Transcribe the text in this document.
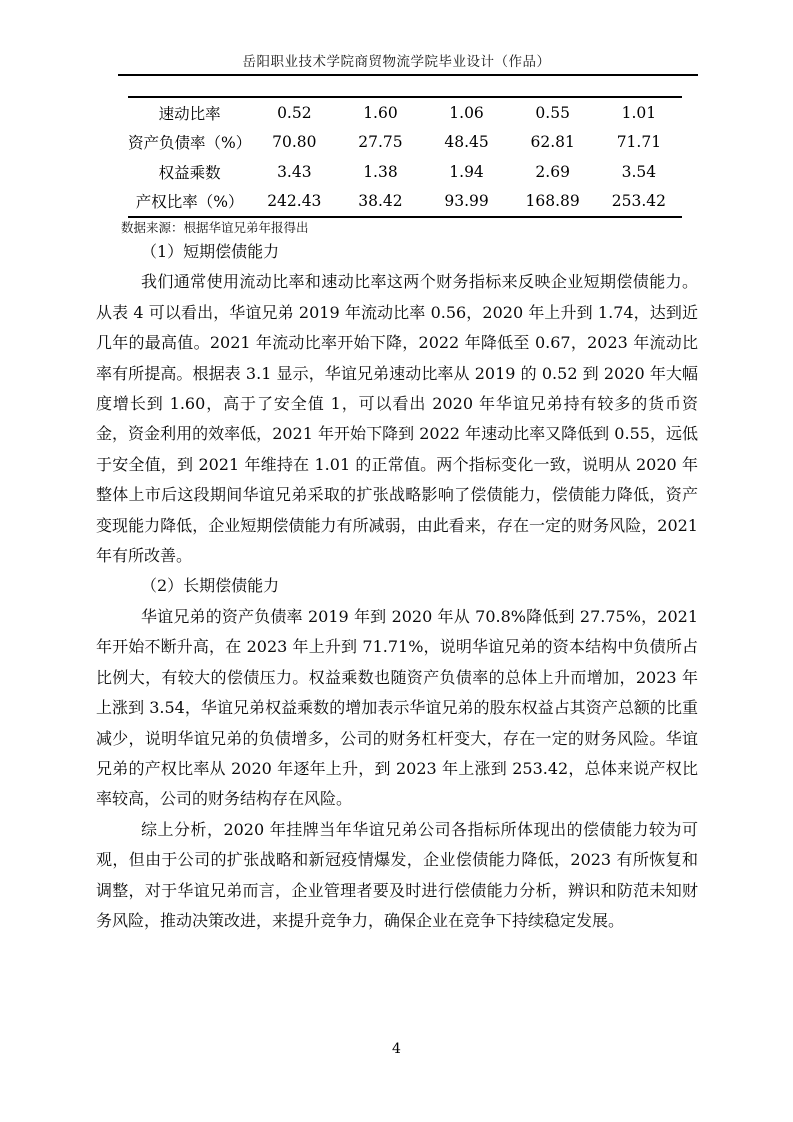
岳阳职业技术学院商贸物流学院毕业设计（作品）
速动比率	0.52	1.60	1.06	0.55	1.01
资产负债率（%）	70.80	27.75	48.45	62.81	71.71
权益乘数	3.43	1.38	1.94	2.69	3.54
产权比率（%）	242.43	38.42	93.99	168.89	253.42
数据来源：根据华谊兄弟年报得出

（1）短期偿债能力

我们通常使用流动比率和速动比率这两个财务指标来反映企业短期偿债能力。从表 4 可以看出，华谊兄弟 2019 年流动比率 0.56，2020 年上升到 1.74，达到近几年的最高值。2021 年流动比率开始下降，2022 年降低至 0.67，2023 年流动比率有所提高。根据表 3.1 显示，华谊兄弟速动比率从 2019 的 0.52 到 2020 年大幅度增长到 1.60，高于了安全值 1，可以看出 2020 年华谊兄弟持有较多的货币资金，资金利用的效率低，2021 年开始下降到 2022 年速动比率又降低到 0.55，远低于安全值，到 2021 年维持在 1.01 的正常值。两个指标变化一致，说明从 2020 年整体上市后这段期间华谊兄弟采取的扩张战略影响了偿债能力，偿债能力降低，资产变现能力降低，企业短期偿债能力有所减弱，由此看来，存在一定的财务风险，2021 年有所改善。

（2）长期偿债能力

华谊兄弟的资产负债率 2019 年到 2020 年从 70.8%降低到 27.75%，2021 年开始不断升高，在 2023 年上升到 71.71%，说明华谊兄弟的资本结构中负债所占比例大，有较大的偿债压力。权益乘数也随资产负债率的总体上升而增加，2023 年上涨到 3.54，华谊兄弟权益乘数的增加表示华谊兄弟的股东权益占其资产总额的比重减少，说明华谊兄弟的负债增多，公司的财务杠杆变大，存在一定的财务风险。华谊兄弟的产权比率从 2020 年逐年上升，到 2023 年上涨到 253.42，总体来说产权比率较高，公司的财务结构存在风险。

综上分析，2020 年挂牌当年华谊兄弟公司各指标所体现出的偿债能力较为可观，但由于公司的扩张战略和新冠疫情爆发，企业偿债能力降低，2023 有所恢复和调整，对于华谊兄弟而言，企业管理者要及时进行偿债能力分析，辨识和防范未知财务风险，推动决策改进，来提升竞争力，确保企业在竞争下持续稳定发展。

4
